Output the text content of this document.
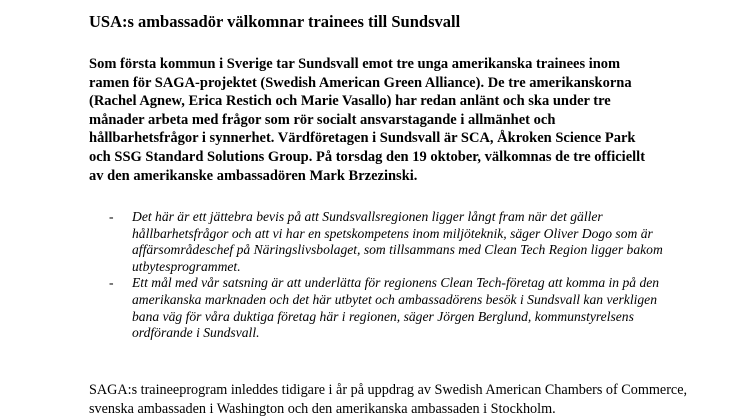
USA:s ambassadör välkomnar trainees till Sundsvall

Som första kommun i Sverige tar Sundsvall emot tre unga amerikanska trainees inom ramen för SAGA-projektet (Swedish American Green Alliance). De tre amerikanskorna (Rachel Agnew, Erica Restich och Marie Vasallo) har redan anlänt och ska under tre månader arbeta med frågor som rör socialt ansvarstagande i allmänhet och hållbarhetsfrågor i synnerhet. Värdföretagen i Sundsvall är SCA, Åkroken Science Park och SSG Standard Solutions Group. På torsdag den 19 oktober, välkomnas de tre officiellt av den amerikanske ambassadören Mark Brzezinski.

- Det här är ett jättebra bevis på att Sundsvallsregionen ligger långt fram när det gäller hållbarhetsfrågor och att vi har en spetskompetens inom miljöteknik, säger Oliver Dogo som är affärsområdeschef på Näringslivsbolaget, som tillsammans med Clean Tech Region ligger bakom utbytesprogrammet.
- Ett mål med vår satsning är att underlätta för regionens Clean Tech-företag att komma in på den amerikanska marknaden och det här utbytet och ambassadörens besök i Sundsvall kan verkligen bana väg för våra duktiga företag här i regionen, säger Jörgen Berglund, kommunstyrelsens ordförande i Sundsvall.

SAGA:s traineeprogram inleddes tidigare i år på uppdrag av Swedish American Chambers of Commerce, svenska ambassaden i Washington och den amerikanska ambassaden i Stockholm.
